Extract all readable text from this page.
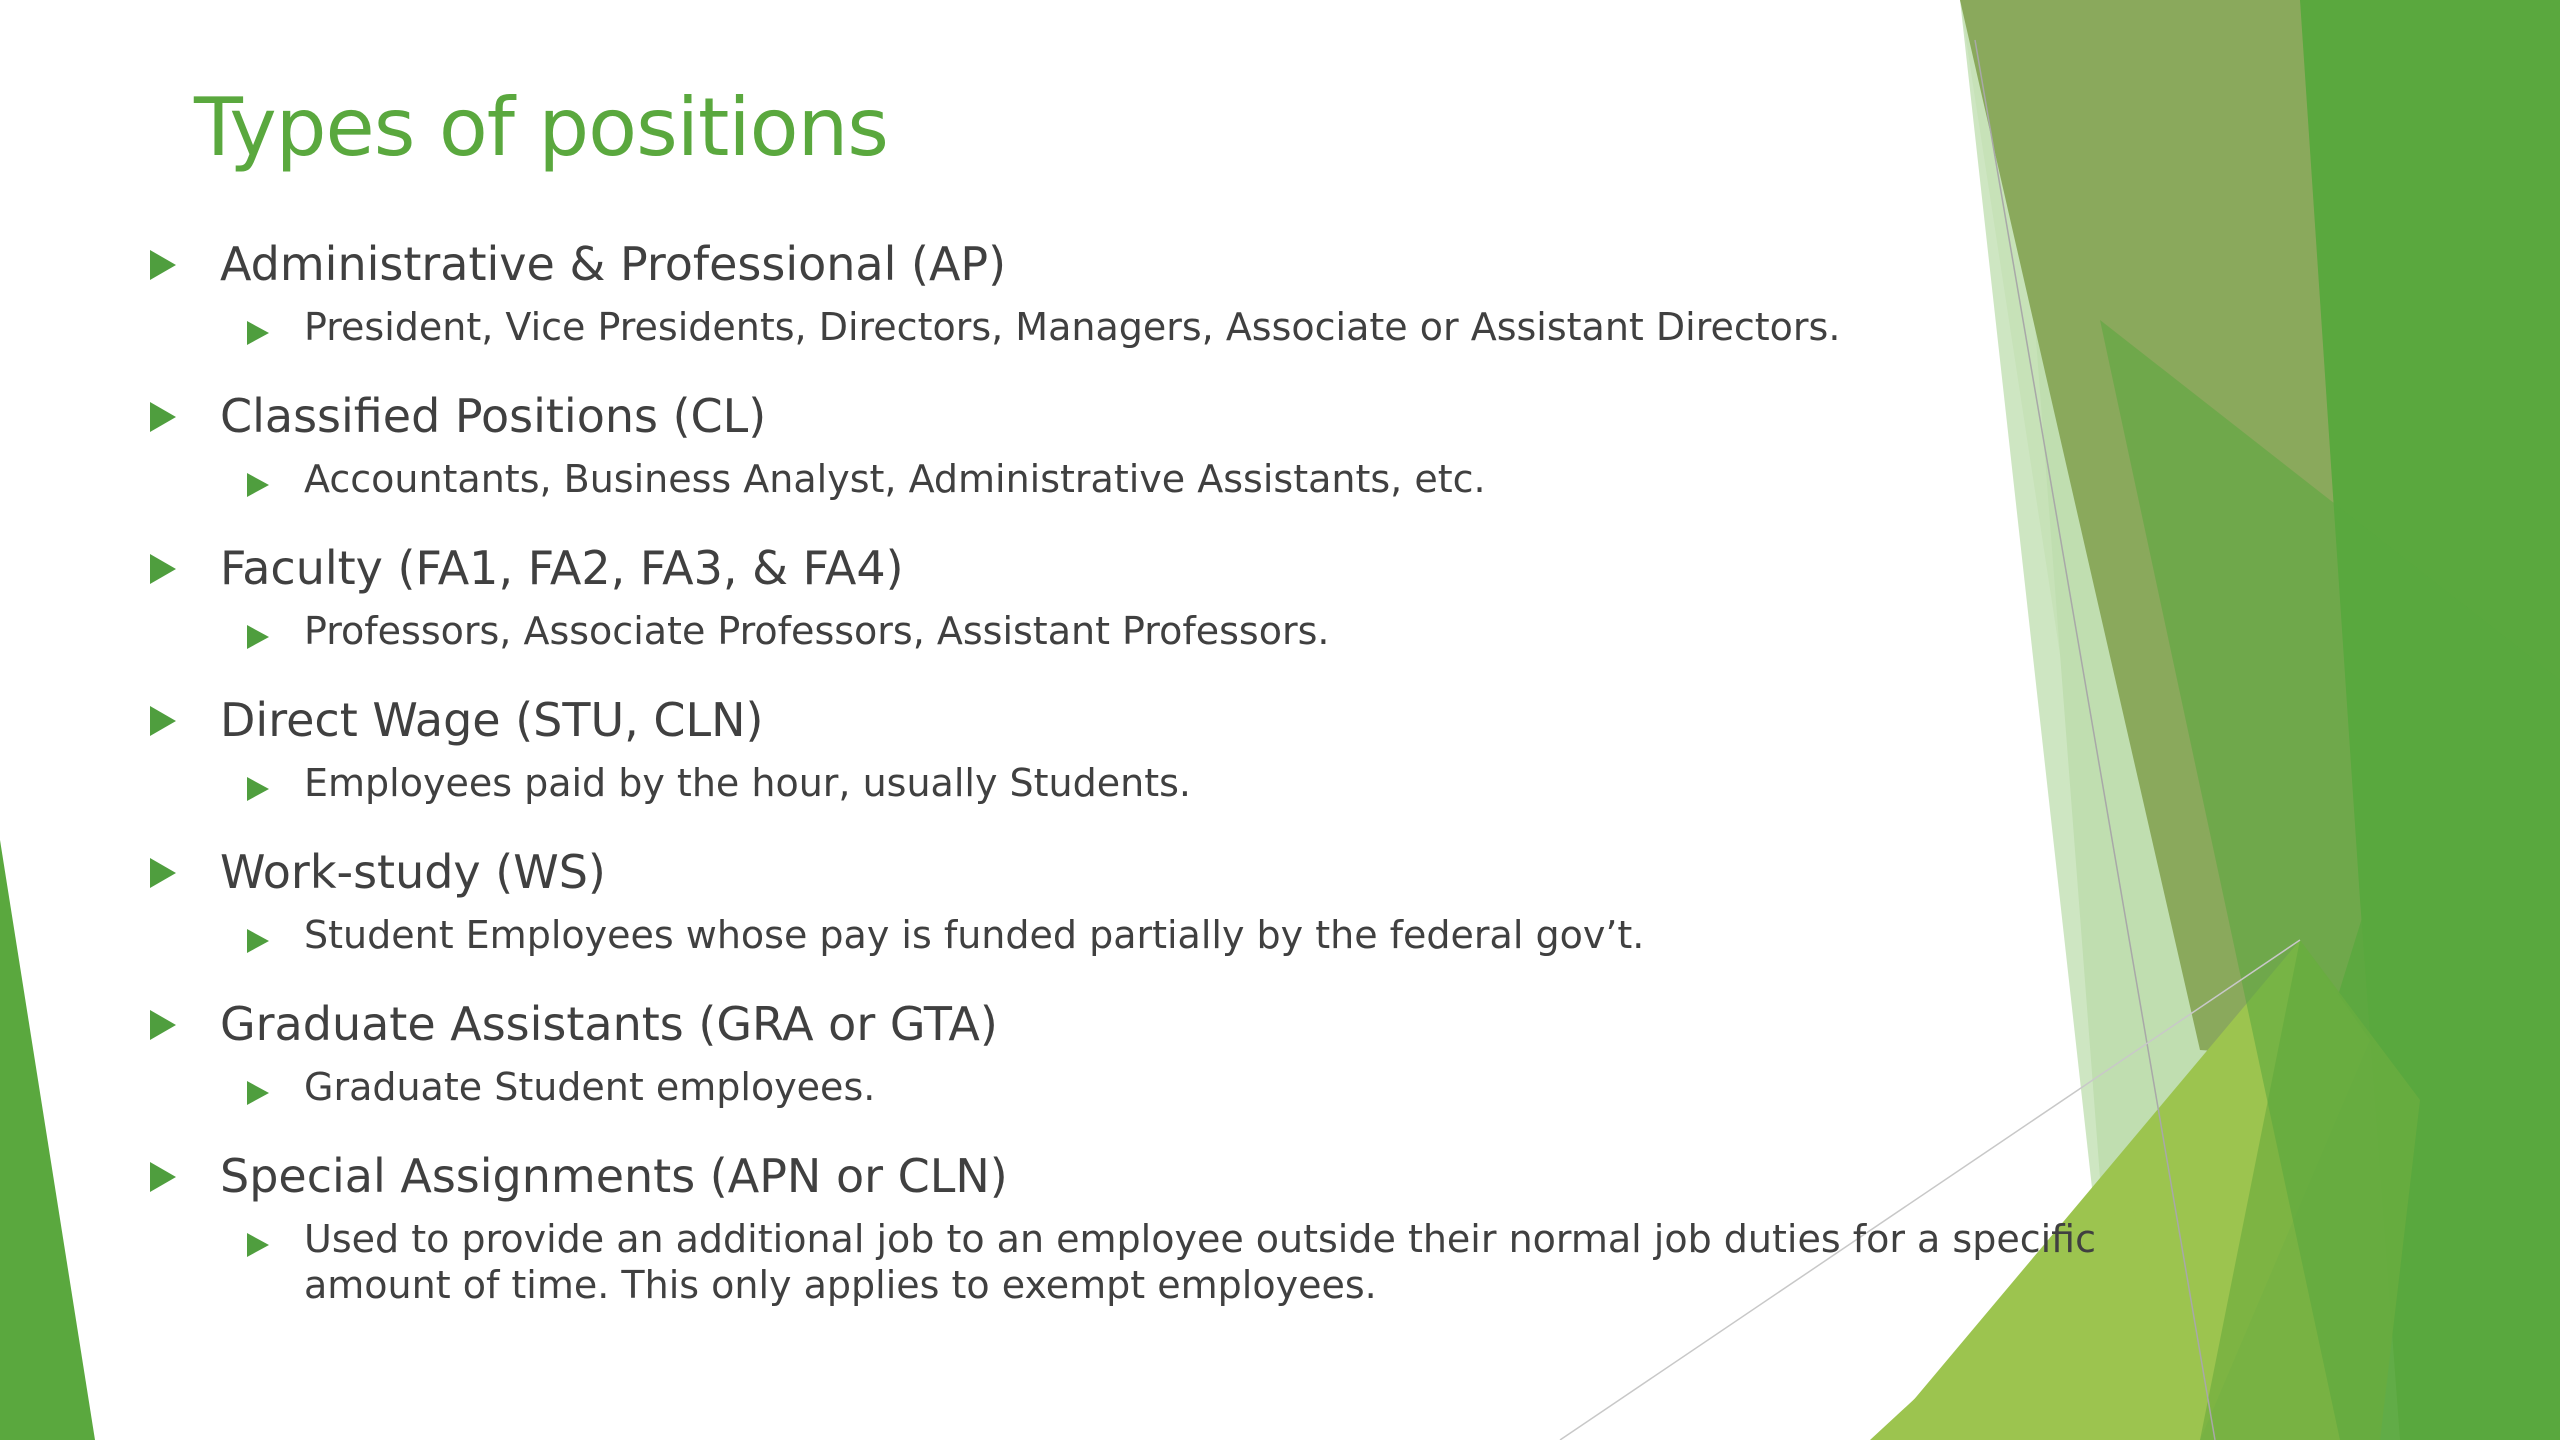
Types of positions
Administrative & Professional (AP)
President, Vice Presidents, Directors, Managers, Associate or Assistant Directors.
Classified Positions (CL)
Accountants, Business Analyst, Administrative Assistants, etc.
Faculty (FA1, FA2, FA3, & FA4)
Professors, Associate Professors, Assistant Professors.
Direct Wage (STU, CLN)
Employees paid by the hour, usually Students.
Work-study (WS)
Student Employees whose pay is funded partially by the federal gov’t.
Graduate Assistants (GRA or GTA)
Graduate Student employees.
Special Assignments (APN or CLN)
Used to provide an additional job to an employee outside their normal job duties for a specific amount of time. This only applies to exempt employees.
